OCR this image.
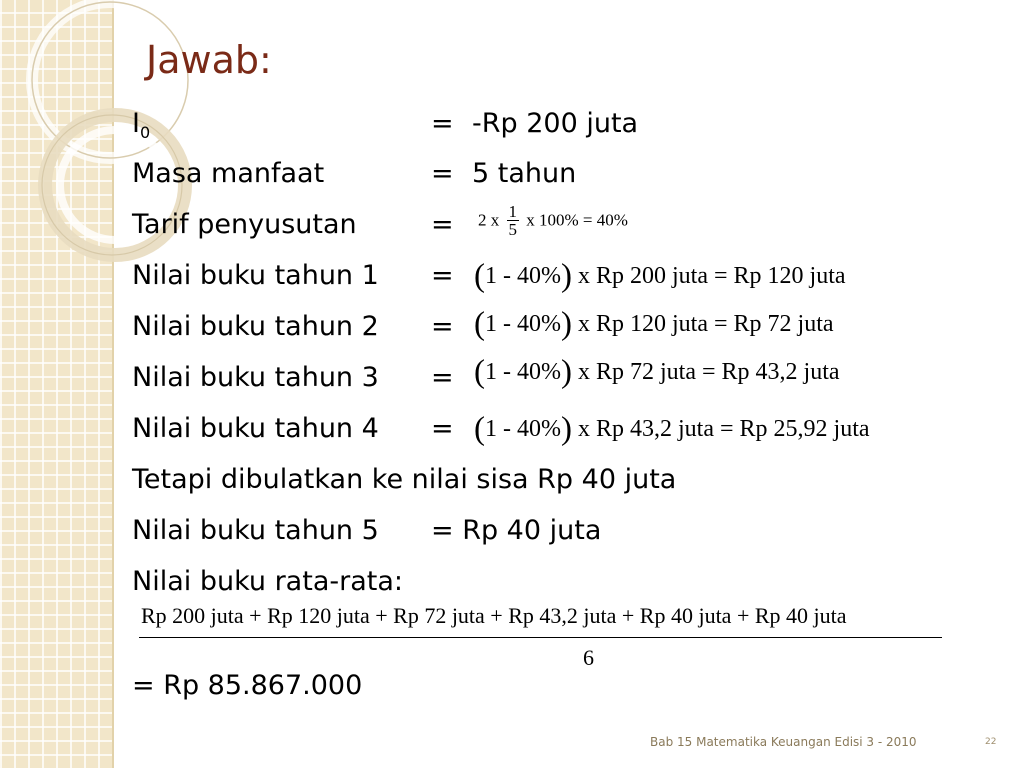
Jawab:
$I_0$	= -Rp 200 juta
Masa manfaat	= 5 tahun
Tarif penyusutan	= 2 x $\frac{1}{5}$ x 100% = 40%
Nilai buku tahun 1 = (1 - 40%) x Rp 200 juta = Rp 120 juta
Nilai buku tahun 2 = (1 - 40%) x Rp 120 juta = Rp 72 juta
Nilai buku tahun 3 = (1 - 40%) x Rp 72 juta = Rp 43,2 juta
Nilai buku tahun 4 = (1 - 40%) x Rp 43,2 juta = Rp 25,92 juta
Tetapi dibulatkan ke nilai sisa Rp 40 juta
Nilai buku tahun 5 = Rp 40 juta
Nilai buku rata-rata:
Rp 200 juta + Rp 120 juta + Rp 72 juta + Rp 43,2 juta + Rp 40 juta + Rp 40 juta
6
= Rp 85.867.000
Bab 15 Matematika Keuangan Edisi 3 - 2010	22
